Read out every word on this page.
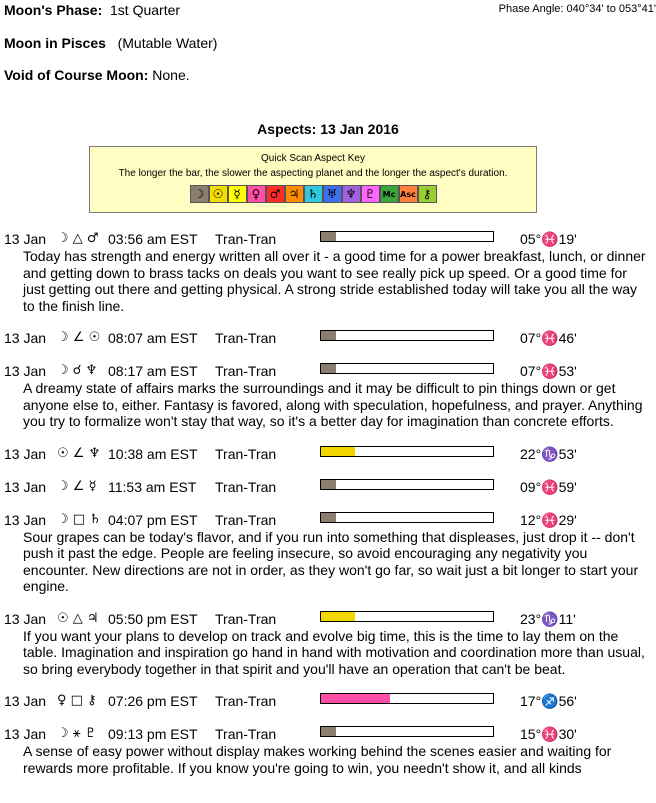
Moon's Phase: 1st Quarter	Phase Angle: 040°34' to 053°41'
Moon in Pisces (Mutable Water)
Void of Course Moon: None.
Aspects: 13 Jan 2016
Quick Scan Aspect Key
The longer the bar, the slower the aspecting planet and the longer the aspect's duration.
☽ ☉ ☿ ♀ ♂ ♃ ♄ ♅ ♆ ♇ Mc Asc ⚷
13 Jan ☽ △ ♂ 03:56 am EST Tran-Tran	05°♓19'
Today has strength and energy written all over it - a good time for a power breakfast, lunch, or dinner and getting down to brass tacks on deals you want to see really pick up speed. Or a good time for just getting out there and getting physical. A strong stride established today will take you all the way to the finish line.
13 Jan ☽ ∠ ☉ 08:07 am EST Tran-Tran	07°♓46'
13 Jan ☽ ☌ ♆ 08:17 am EST Tran-Tran	07°♓53'
A dreamy state of affairs marks the surroundings and it may be difficult to pin things down or get anyone else to, either. Fantasy is favored, along with speculation, hopefulness, and prayer. Anything you try to formalize won't stay that way, so it's a better day for imagination than concrete efforts.
13 Jan ☉ ∠ ♆ 10:38 am EST Tran-Tran	22°♑53'
13 Jan ☽ ∠ ☿ 11:53 am EST Tran-Tran	09°♓59'
13 Jan ☽ □ ♄ 04:07 pm EST Tran-Tran	12°♓29'
Sour grapes can be today's flavor, and if you run into something that displeases, just drop it -- don't push it past the edge. People are feeling insecure, so avoid encouraging any negativity you encounter. New directions are not in order, as they won't go far, so wait just a bit longer to start your engine.
13 Jan ☉ △ ♃ 05:50 pm EST Tran-Tran	23°♑11'
If you want your plans to develop on track and evolve big time, this is the time to lay them on the table. Imagination and inspiration go hand in hand with motivation and coordination more than usual, so bring everybody together in that spirit and you'll have an operation that can't be beat.
13 Jan ♀ □ ⚷ 07:26 pm EST Tran-Tran	17°♐56'
13 Jan ☽ ⚹ ♇ 09:13 pm EST Tran-Tran	15°♓30'
A sense of easy power without display makes working behind the scenes easier and waiting for rewards more profitable. If you know you're going to win, you needn't show it, and all kinds
